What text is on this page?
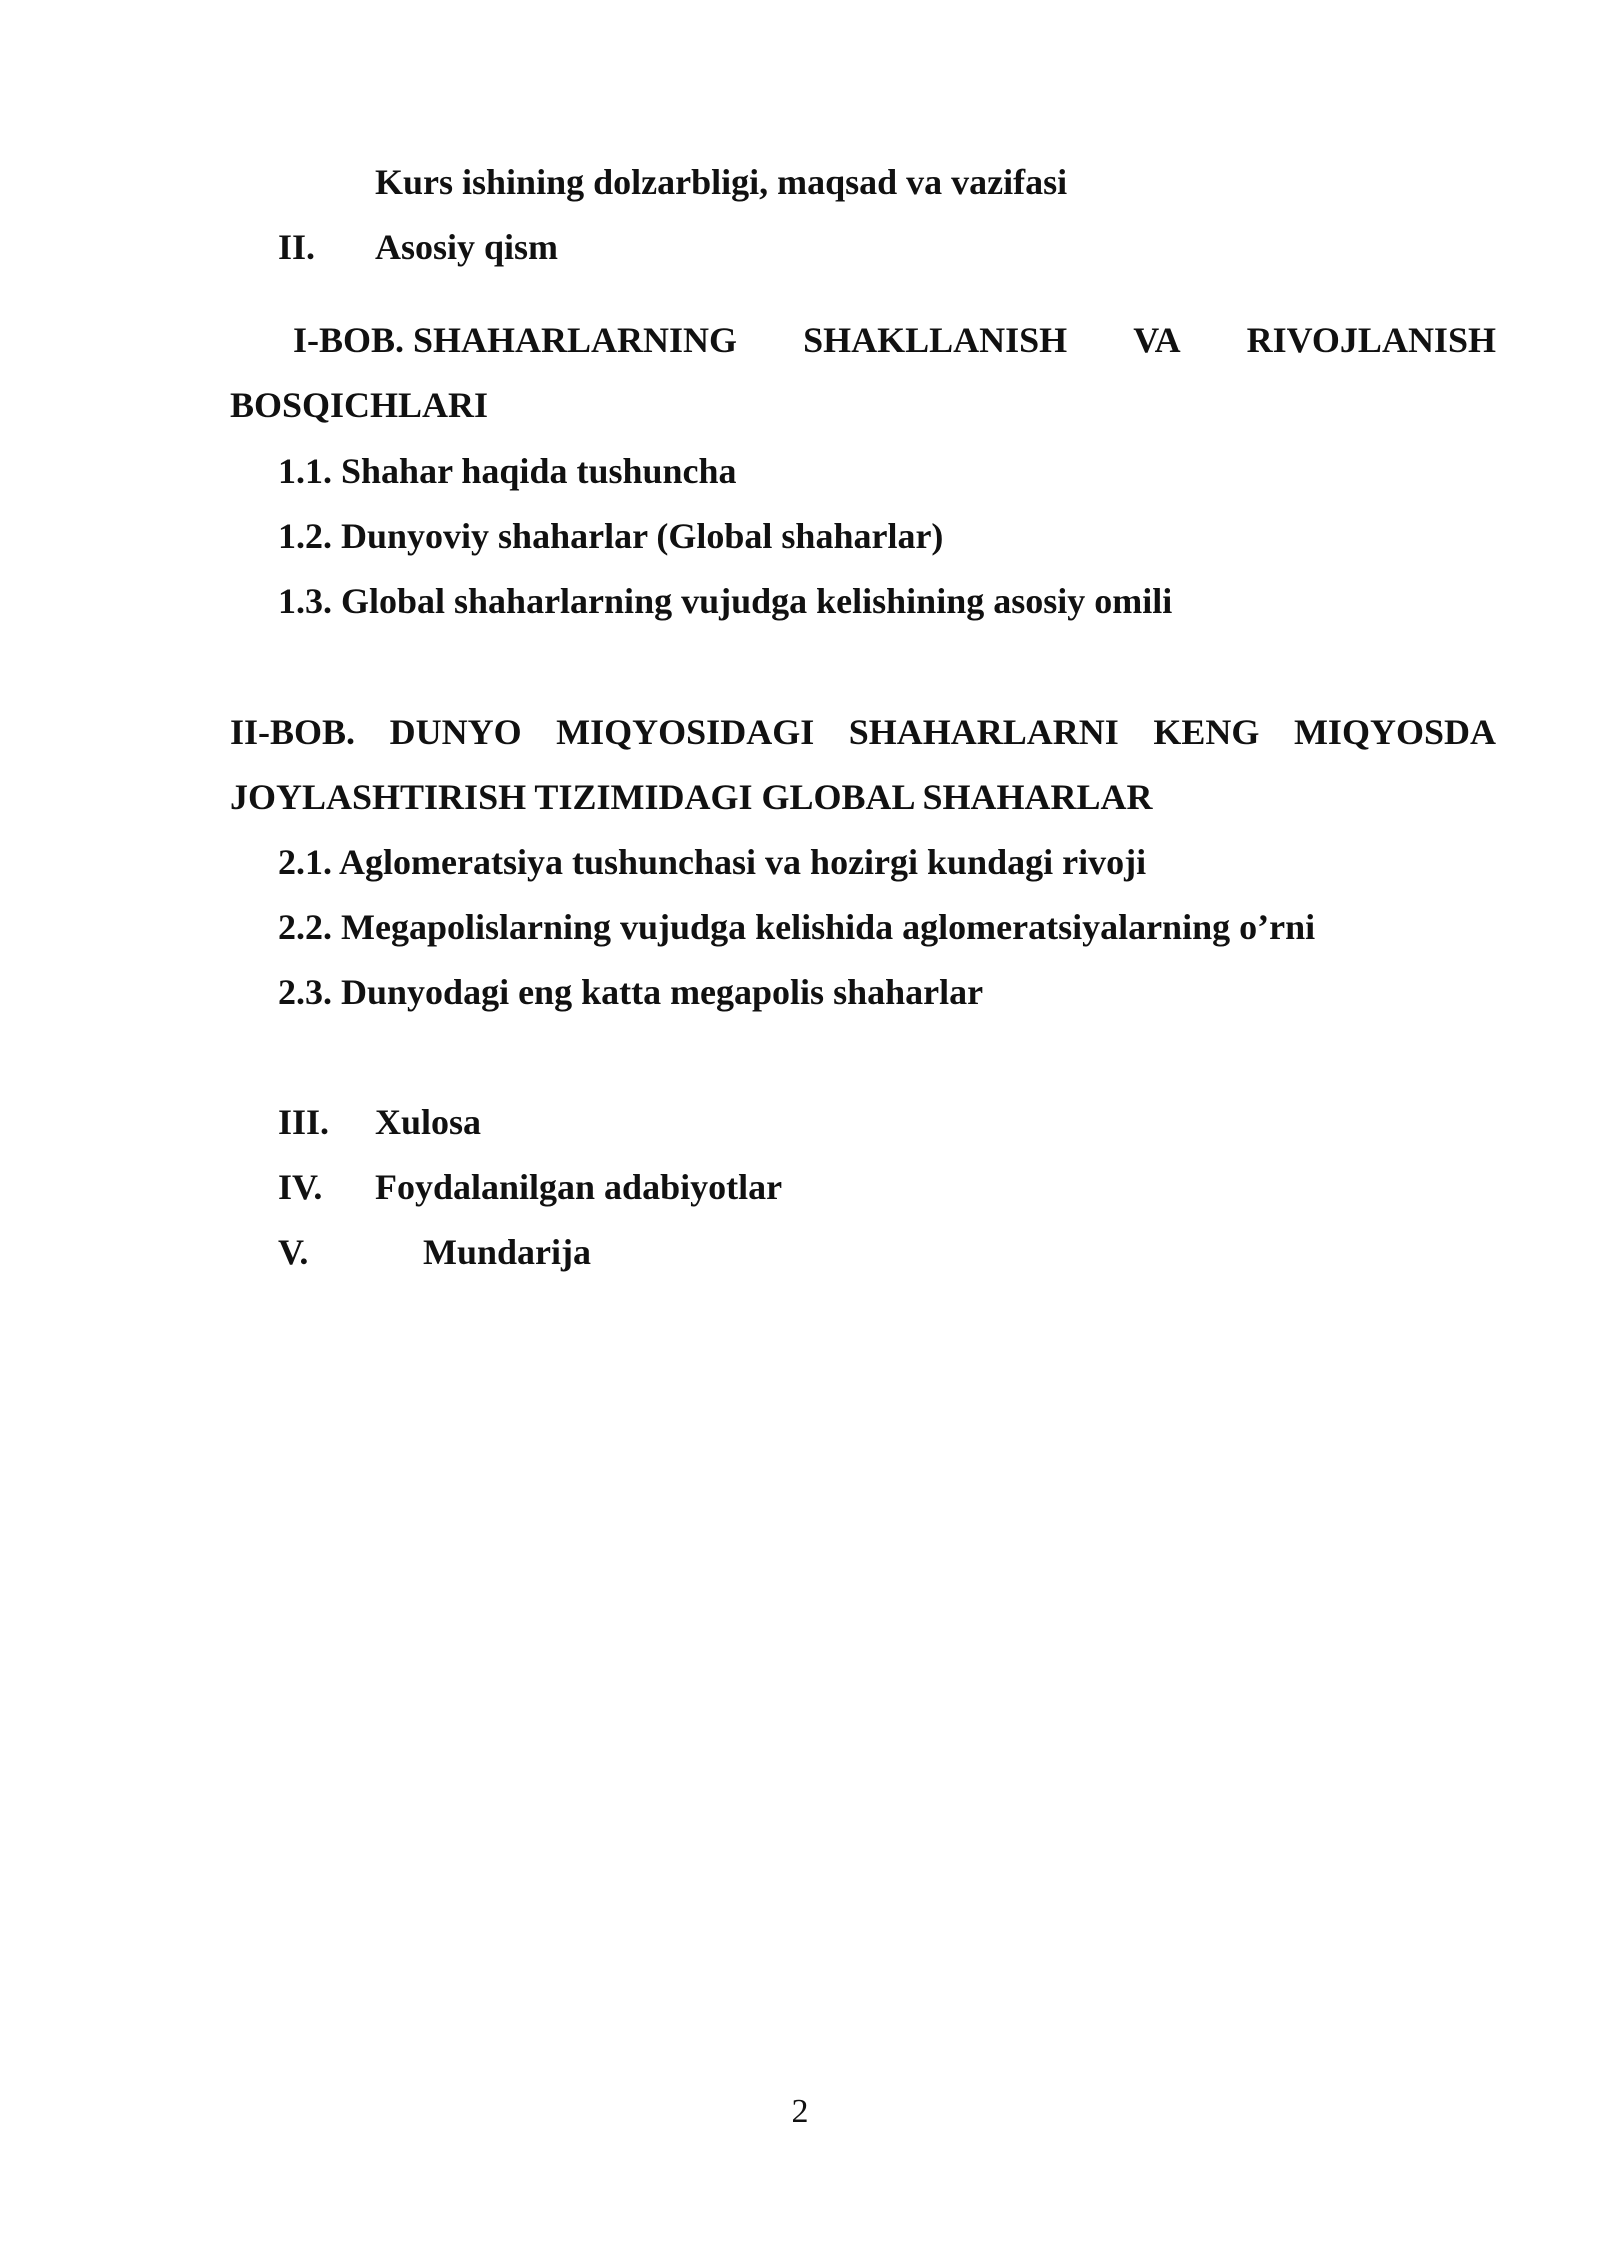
Kurs ishining dolzarbligi, maqsad va vazifasi
II. Asosiy qism
I-BOB. SHAHARLARNING SHAKLLANISH VA RIVOJLANISH
BOSQICHLARI
1.1. Shahar haqida tushuncha
1.2. Dunyoviy shaharlar (Global shaharlar)
1.3. Global shaharlarning vujudga kelishining asosiy omili
II-BOB. DUNYO MIQYOSIDAGI SHAHARLARNI KENG MIQYOSDA
JOYLASHTIRISH TIZIMIDAGI GLOBAL SHAHARLAR
2.1. Aglomeratsiya tushunchasi va hozirgi kundagi rivoji
2.2. Megapolislarning vujudga kelishida aglomeratsiyalarning o’rni
2.3. Dunyodagi eng katta megapolis shaharlar
III. Xulosa
IV. Foydalanilgan adabiyotlar
V.	Mundarija
2
